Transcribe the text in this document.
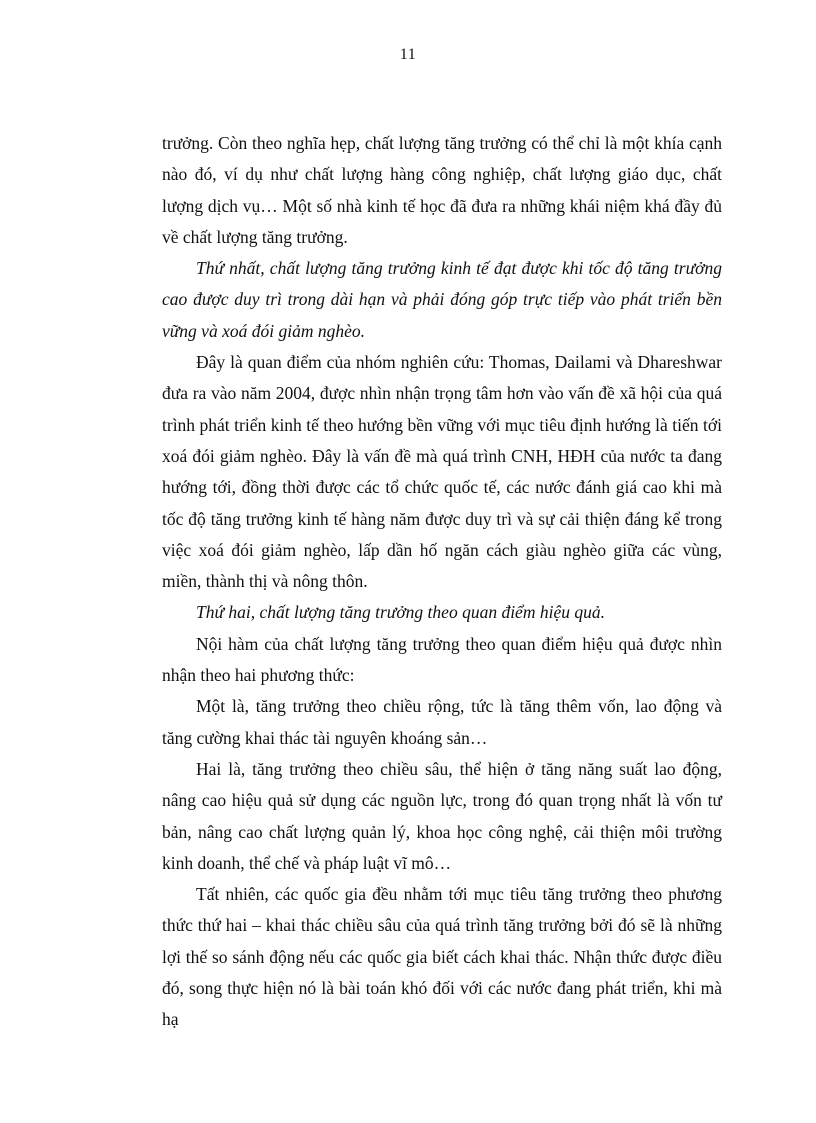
11

trưởng. Còn theo nghĩa hẹp, chất lượng tăng trưởng có thể chỉ là một khía cạnh nào đó, ví dụ như chất lượng hàng công nghiệp, chất lượng giáo dục, chất lượng dịch vụ… Một số nhà kinh tế học đã đưa ra những khái niệm khá đầy đủ về chất lượng tăng trưởng.

Thứ nhất, chất lượng tăng trưởng kinh tế đạt được khi tốc độ tăng trưởng cao được duy trì trong dài hạn và phải đóng góp trực tiếp vào phát triển bền vững và xoá đói giảm nghèo.

Đây là quan điểm của nhóm nghiên cứu: Thomas, Dailami và Dhareshwar đưa ra vào năm 2004, được nhìn nhận trọng tâm hơn vào vấn đề xã hội của quá trình phát triển kinh tế theo hướng bền vững với mục tiêu định hướng là tiến tới xoá đói giảm nghèo. Đây là vấn đề mà quá trình CNH, HĐH của nước ta đang hướng tới, đồng thời được các tổ chức quốc tế, các nước đánh giá cao khi mà tốc độ tăng trưởng kinh tế hàng năm được duy trì và sự cải thiện đáng kể trong việc xoá đói giảm nghèo, lấp dần hố ngăn cách giàu nghèo giữa các vùng, miền, thành thị và nông thôn.

Thứ hai, chất lượng tăng trưởng theo quan điểm hiệu quả.

Nội hàm của chất lượng tăng trưởng theo quan điểm hiệu quả được nhìn nhận theo hai phương thức:

Một là, tăng trưởng theo chiều rộng, tức là tăng thêm vốn, lao động và tăng cường khai thác tài nguyên khoáng sản…

Hai là, tăng trưởng theo chiều sâu, thể hiện ở tăng năng suất lao động, nâng cao hiệu quả sử dụng các nguồn lực, trong đó quan trọng nhất là vốn tư bản, nâng cao chất lượng quản lý, khoa học công nghệ, cải thiện môi trường kinh doanh, thể chế và pháp luật vĩ mô…

Tất nhiên, các quốc gia đều nhằm tới mục tiêu tăng trưởng theo phương thức thứ hai – khai thác chiều sâu của quá trình tăng trưởng bởi đó sẽ là những lợi thế so sánh động nếu các quốc gia biết cách khai thác. Nhận thức được điều đó, song thực hiện nó là bài toán khó đối với các nước đang phát triển, khi mà hạ
